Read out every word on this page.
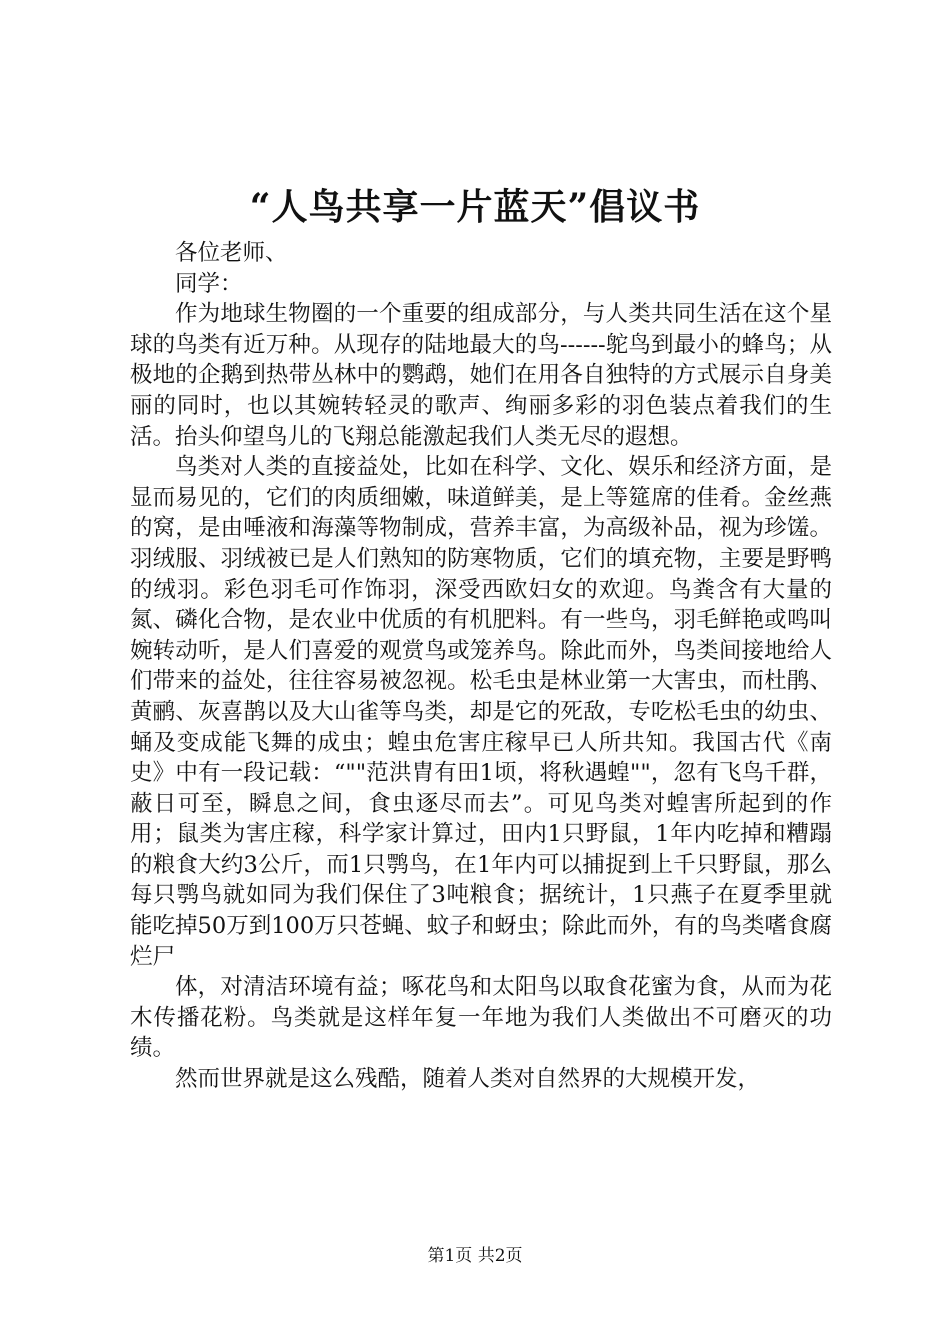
“人鸟共享一片蓝天”倡议书

各位老师、

同学：

作为地球生物圈的一个重要的组成部分，与人类共同生活在这个星球的鸟类有近万种。从现存的陆地最大的鸟------鸵鸟到最小的蜂鸟；从极地的企鹅到热带丛林中的鹦鹉，她们在用各自独特的方式展示自身美丽的同时，也以其婉转轻灵的歌声、绚丽多彩的羽色装点着我们的生活。抬头仰望鸟儿的飞翔总能激起我们人类无尽的遐想。

鸟类对人类的直接益处，比如在科学、文化、娱乐和经济方面，是显而易见的，它们的肉质细嫩，味道鲜美，是上等筵席的佳肴。金丝燕的窝，是由唾液和海藻等物制成，营养丰富，为高级补品，视为珍馐。羽绒服、羽绒被已是人们熟知的防寒物质，它们的填充物，主要是野鸭的绒羽。彩色羽毛可作饰羽，深受西欧妇女的欢迎。鸟粪含有大量的氮、磷化合物，是农业中优质的有机肥料。有一些鸟，羽毛鲜艳或鸣叫婉转动听，是人们喜爱的观赏鸟或笼养鸟。除此而外，鸟类间接地给人们带来的益处，往往容易被忽视。松毛虫是林业第一大害虫，而杜鹃、黄鹂、灰喜鹊以及大山雀等鸟类，却是它的死敌，专吃松毛虫的幼虫、蛹及变成能飞舞的成虫；蝗虫危害庄稼早已人所共知。我国古代《南史》中有一段记载：“""范洪胄有田1顷，将秋遇蝗""，忽有飞鸟千群，蔽日可至，瞬息之间，食虫逐尽而去”。可见鸟类对蝗害所起到的作用；鼠类为害庄稼，科学家计算过，田内1只野鼠，1年内吃掉和糟蹋的粮食大约3公斤，而1只鹗鸟，在1年内可以捕捉到上千只野鼠，那么每只鹗鸟就如同为我们保住了3吨粮食；据统计，1只燕子在夏季里就能吃掉50万到100万只苍蝇、蚊子和蚜虫；除此而外，有的鸟类嗜食腐烂尸

体，对清洁环境有益；啄花鸟和太阳鸟以取食花蜜为食，从而为花木传播花粉。鸟类就是这样年复一年地为我们人类做出不可磨灭的功绩。

然而世界就是这么残酷，随着人类对自然界的大规模开发，

第1页 共2页
